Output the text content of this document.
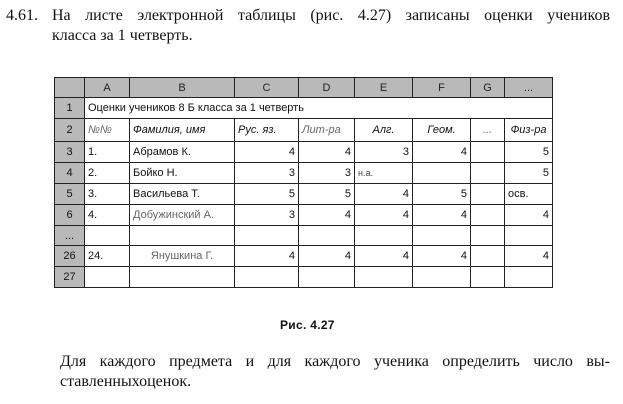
4.61. На листе электронной таблицы (рис. 4.27) записаны оценки учеников
класса за 1 четверть.
	A	B	C	D	E	F	G	...
1	Оценки учеников 8 Б класса за 1 четверть							
2	№№	Фамилия, имя	Рус. яз.	Лит-ра	Алг.	Геом.	...	Физ-ра
3	1.	Абрамов К.	4	4	3	4		5
4	2.	Бойко Н.	3	3	н.а.			5
5	3.	Васильева Т.	5	5	4	5		осв.
6	4.	Добужинский А.	3	4	4	4		4
...								
26	24.	Янушкина Г.	4	4	4	4		4
27								
Рис. 4.27
Для каждого предмета и для каждого ученика определить число вы-
ставленныхоценок.
